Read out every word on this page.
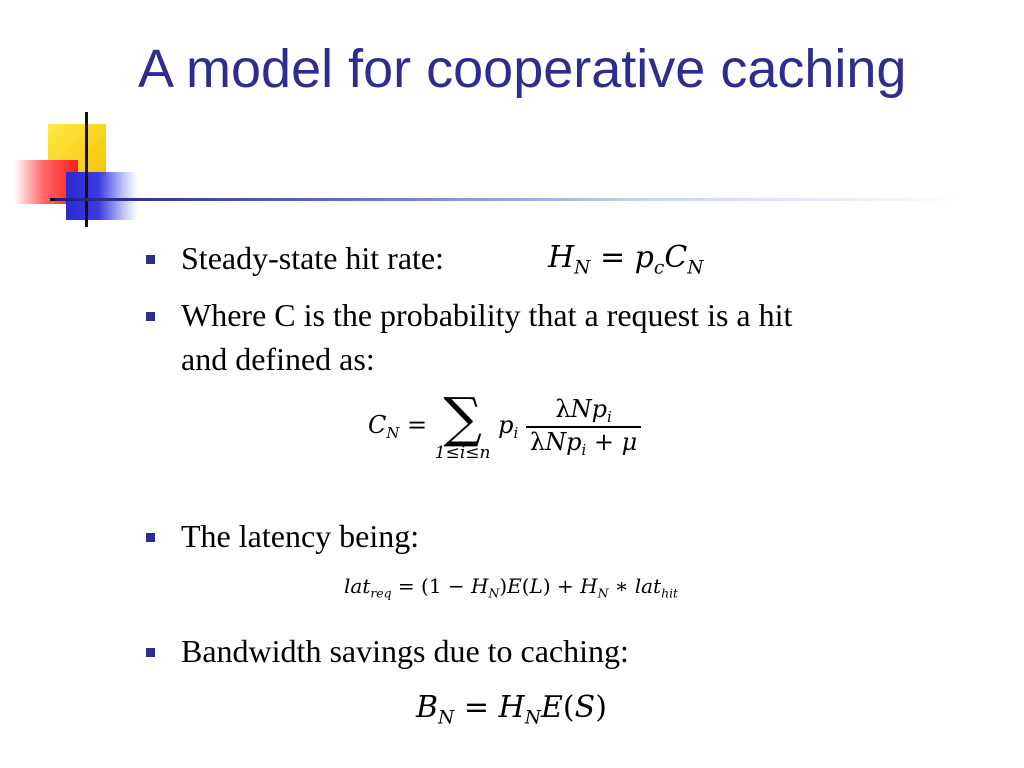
A model for cooperative caching

Steady-state hit rate:	$H_N = p_cC_N$

Where C is the probability that a request is a hit and defined as:

$C_N$ = ∑
1≤i≤n
$p_i \frac{\lambda Np_i}{\lambda Np_i + \mu}$

The latency being:

$lat_{req} = (1 - H_N)E(L) + H_N$ ∗ lat$_{hit}$

Bandwidth savings due to caching:

$B_N = H_NE(S)$
